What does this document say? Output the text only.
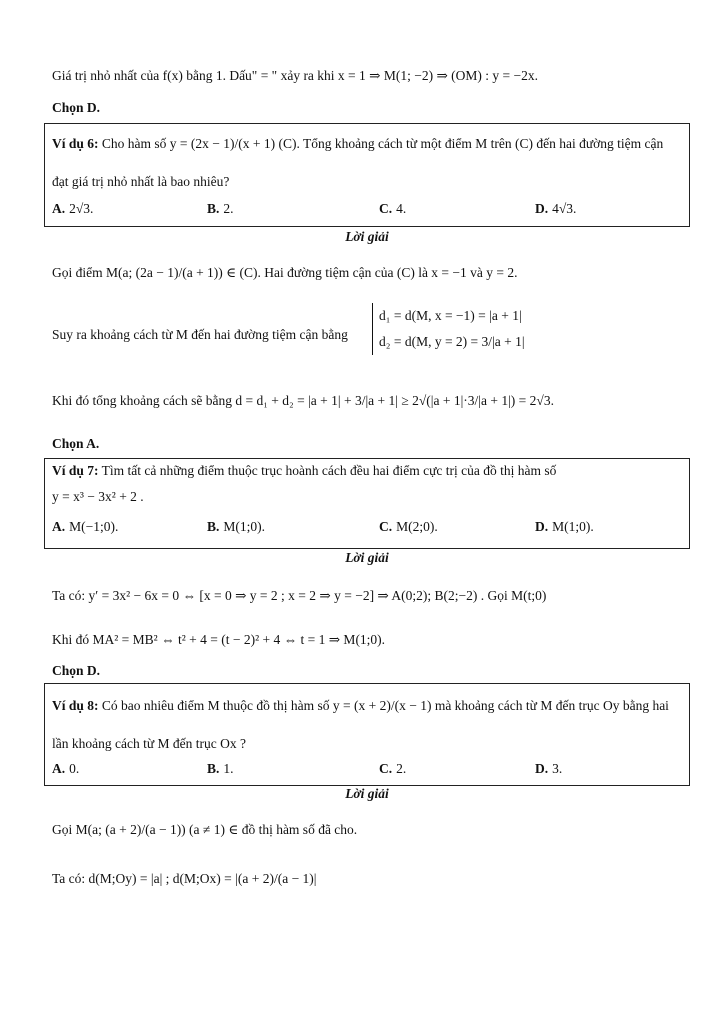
Giá trị nhỏ nhất của f(x) bằng 1. Dấu" = " xảy ra khi x = 1 ⇒ M(1; −2) ⇒ (OM) : y = −2x.
Chọn D.
Ví dụ 6: Cho hàm số y = (2x − 1)/(x + 1) (C). Tổng khoảng cách từ một điểm M trên (C) đến hai đường tiệm cận
đạt giá trị nhỏ nhất là bao nhiêu?
A. 2√3.	B. 2.	C. 4.	D. 4√3.
Lời giải
Gọi điểm M(a; (2a − 1)/(a + 1)) ∈ (C). Hai đường tiệm cận của (C) là x = −1 và y = 2.
Suy ra khoảng cách từ M đến hai đường tiệm cận bằng
d₁ = d(M, x = −1) = |a + 1|
d₂ = d(M, y = 2) = 3/|a + 1|
Khi đó tổng khoảng cách sẽ bằng d = d₁ + d₂ = |a + 1| + 3/|a + 1| ≥ 2√(|a + 1|·3/|a + 1|) = 2√3.
Chọn A.
Ví dụ 7: Tìm tất cả những điểm thuộc trục hoành cách đều hai điểm cực trị của đồ thị hàm số
y = x³ − 3x² + 2 .
A. M(−1;0).	B. M(1;0).	C. M(2;0).	D. M(1;0).
Lời giải
Ta có: y′ = 3x² − 6x = 0 ⇔ [x = 0 ⇒ y = 2 ; x = 2 ⇒ y = −2] ⇒ A(0;2); B(2;−2) . Gọi M(t;0)
Khi đó MA² = MB² ⇔ t² + 4 = (t − 2)² + 4 ⇔ t = 1 ⇒ M(1;0).
Chọn D.
Ví dụ 8: Có bao nhiêu điểm M thuộc đồ thị hàm số y = (x + 2)/(x − 1) mà khoảng cách từ M đến trục Oy bằng hai
lần khoảng cách từ M đến trục Ox ?
A. 0.	B. 1.	C. 2.	D. 3.
Lời giải
Gọi M(a; (a + 2)/(a − 1)) (a ≠ 1) ∈ đồ thị hàm số đã cho.
Ta có: d(M;Oy) = |a| ; d(M;Ox) = |(a + 2)/(a − 1)|
